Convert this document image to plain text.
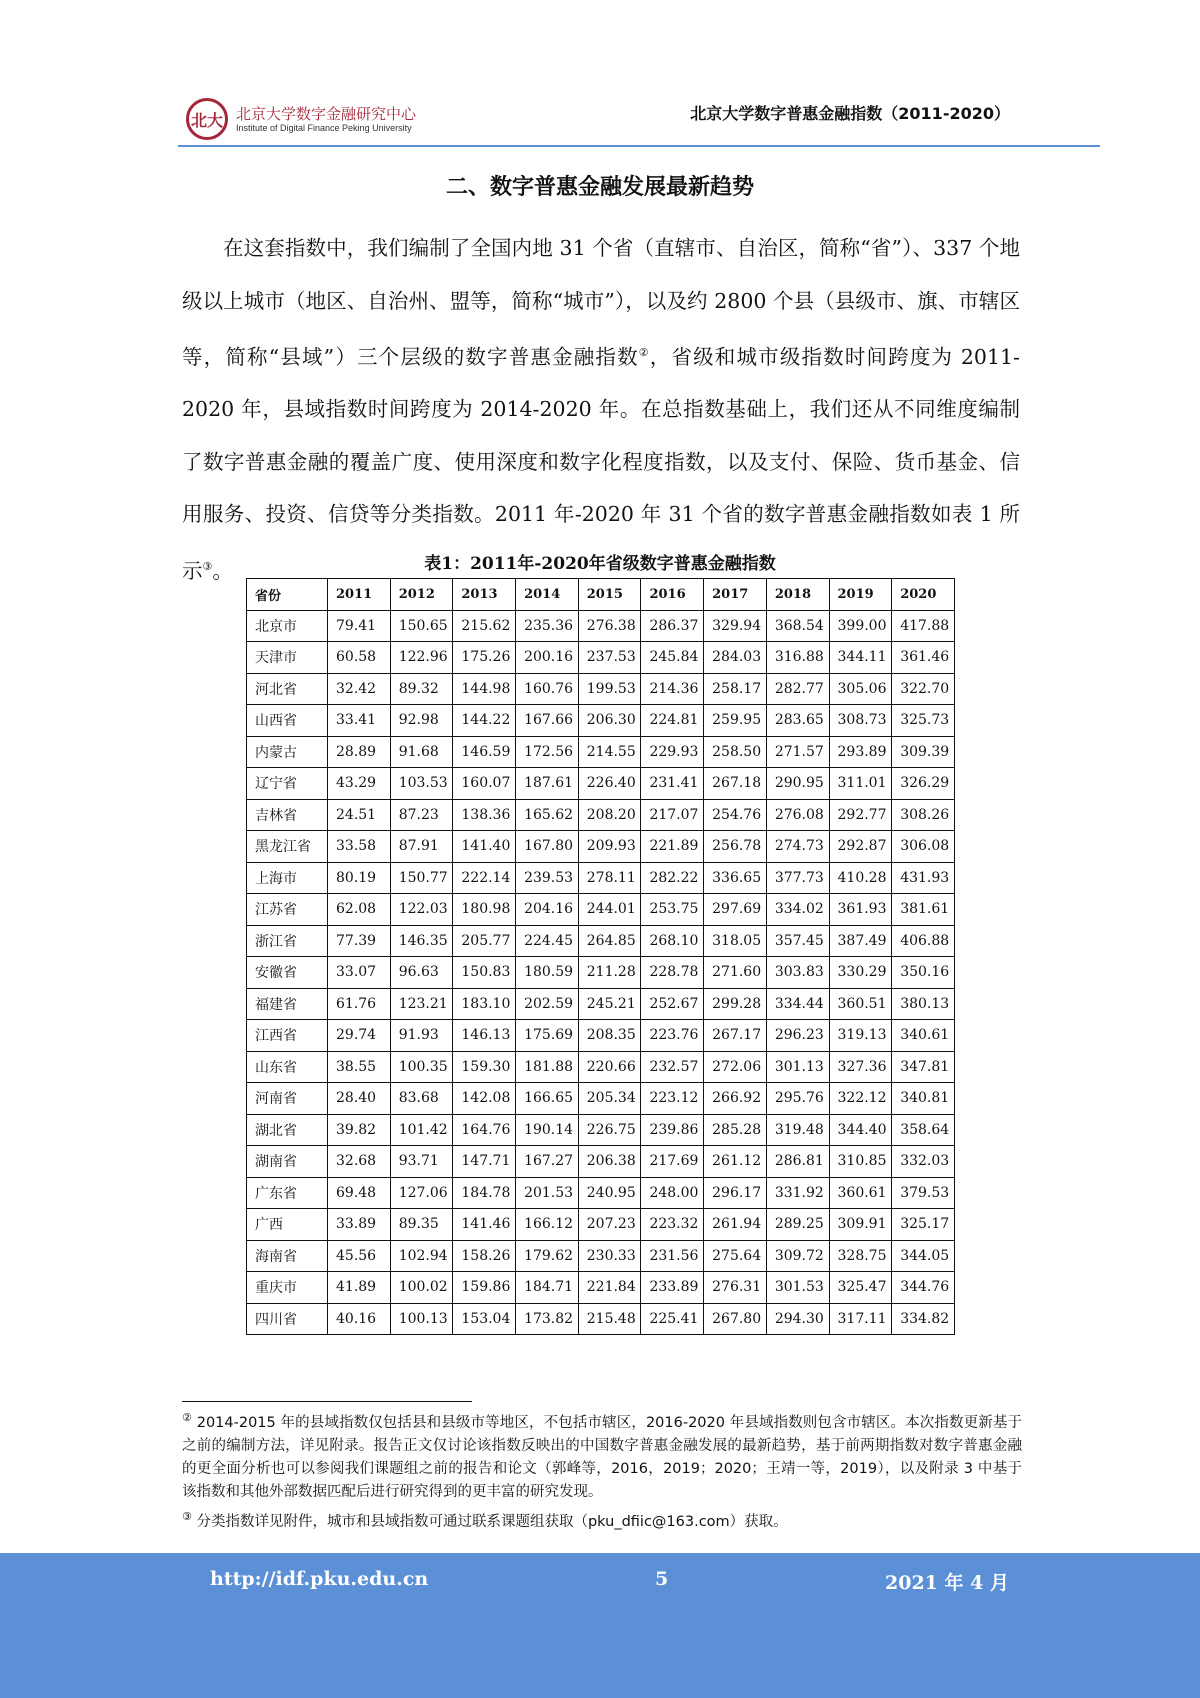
北大 北京大学数字金融研究中心
Institute of Digital Finance Peking University
北京大学数字普惠金融指数（2011-2020）
二、数字普惠金融发展最新趋势
在这套指数中，我们编制了全国内地 31 个省（直辖市、自治区，简称“省”）、337 个地级以上城市（地区、自治州、盟等，简称“城市”），以及约 2800 个县（县级市、旗、市辖区等，简称“县域”）三个层级的数字普惠金融指数②，省级和城市级指数时间跨度为 2011-2020 年，县域指数时间跨度为 2014-2020 年。在总指数基础上，我们还从不同维度编制了数字普惠金融的覆盖广度、使用深度和数字化程度指数，以及支付、保险、货币基金、信用服务、投资、信贷等分类指数。2011 年-2020 年 31 个省的数字普惠金融指数如表 1 所示③。	表1：2011年-2020年省级数字普惠金融指数
省份	2011	2012	2013	2014	2015	2016	2017	2018	2019	2020
北京市	79.41	150.65	215.62	235.36	276.38	286.37	329.94	368.54	399.00	417.88
天津市	60.58	122.96	175.26	200.16	237.53	245.84	284.03	316.88	344.11	361.46
河北省	32.42	89.32	144.98	160.76	199.53	214.36	258.17	282.77	305.06	322.70
山西省	33.41	92.98	144.22	167.66	206.30	224.81	259.95	283.65	308.73	325.73
内蒙古	28.89	91.68	146.59	172.56	214.55	229.93	258.50	271.57	293.89	309.39
辽宁省	43.29	103.53	160.07	187.61	226.40	231.41	267.18	290.95	311.01	326.29
吉林省	24.51	87.23	138.36	165.62	208.20	217.07	254.76	276.08	292.77	308.26
黑龙江省	33.58	87.91	141.40	167.80	209.93	221.89	256.78	274.73	292.87	306.08
上海市	80.19	150.77	222.14	239.53	278.11	282.22	336.65	377.73	410.28	431.93
江苏省	62.08	122.03	180.98	204.16	244.01	253.75	297.69	334.02	361.93	381.61
浙江省	77.39	146.35	205.77	224.45	264.85	268.10	318.05	357.45	387.49	406.88
安徽省	33.07	96.63	150.83	180.59	211.28	228.78	271.60	303.83	330.29	350.16
福建省	61.76	123.21	183.10	202.59	245.21	252.67	299.28	334.44	360.51	380.13
江西省	29.74	91.93	146.13	175.69	208.35	223.76	267.17	296.23	319.13	340.61
山东省	38.55	100.35	159.30	181.88	220.66	232.57	272.06	301.13	327.36	347.81
河南省	28.40	83.68	142.08	166.65	205.34	223.12	266.92	295.76	322.12	340.81
湖北省	39.82	101.42	164.76	190.14	226.75	239.86	285.28	319.48	344.40	358.64
湖南省	32.68	93.71	147.71	167.27	206.38	217.69	261.12	286.81	310.85	332.03
广东省	69.48	127.06	184.78	201.53	240.95	248.00	296.17	331.92	360.61	379.53
广西	33.89	89.35	141.46	166.12	207.23	223.32	261.94	289.25	309.91	325.17
海南省	45.56	102.94	158.26	179.62	230.33	231.56	275.64	309.72	328.75	344.05
重庆市	41.89	100.02	159.86	184.71	221.84	233.89	276.31	301.53	325.47	344.76
四川省	40.16	100.13	153.04	173.82	215.48	225.41	267.80	294.30	317.11	334.82

② 2014-2015 年的县域指数仅包括县和县级市等地区，不包括市辖区，2016-2020 年县域指数则包含市辖区。本次指数更新基于之前的编制方法，详见附录。报告正文仅讨论该指数反映出的中国数字普惠金融发展的最新趋势，基于前两期指数对数字普惠金融的更全面分析也可以参阅我们课题组之前的报告和论文（郭峰等，2016，2019；2020；王靖一等，2019），以及附录 3 中基于该指数和其他外部数据匹配后进行研究得到的更丰富的研究发现。

③ 分类指数详见附件，城市和县域指数可通过联系课题组获取（pku_dfiic@163.com）获取。

http://idf.pku.edu.cn	5	2021 年 4 月
